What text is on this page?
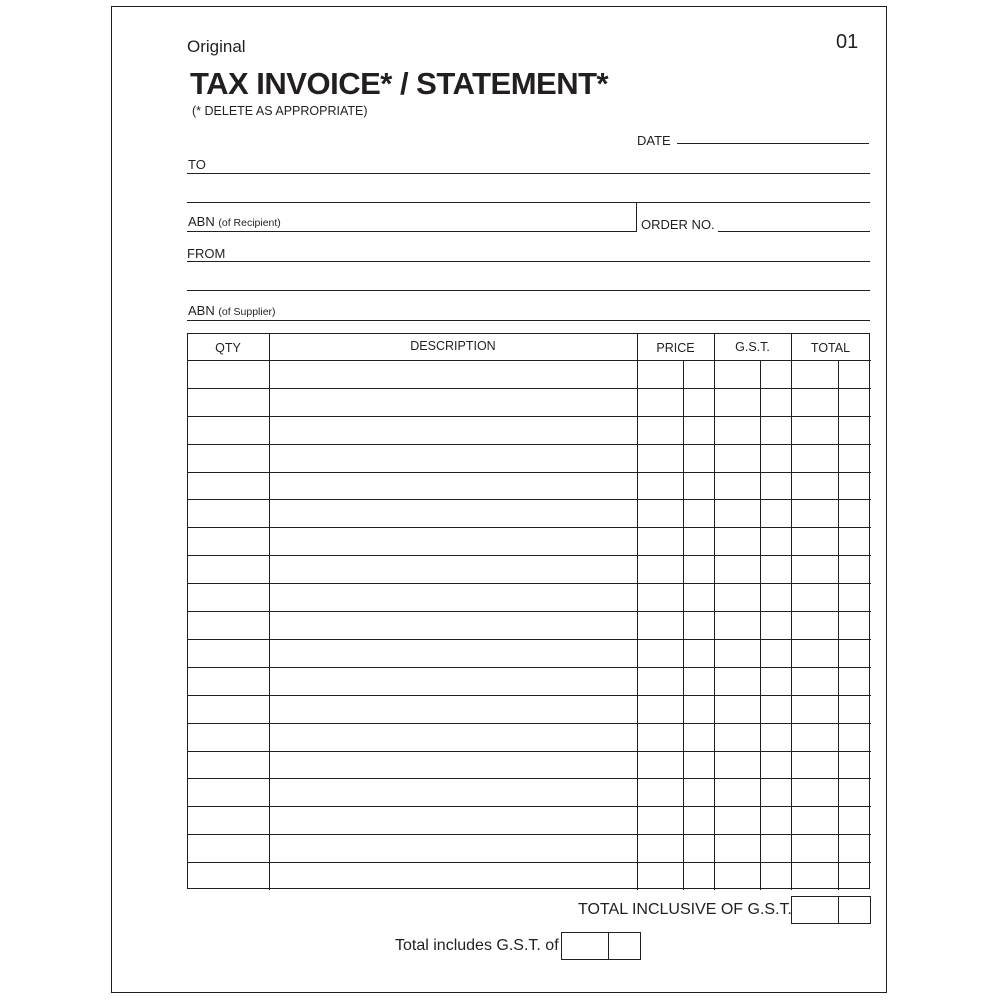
Original	01
TAX INVOICE* / STATEMENT*
(* DELETE AS APPROPRIATE)
DATE
TO
ABN (of Recipient)	ORDER NO.
FROM
ABN (of Supplier)
QTY	DESCRIPTION	PRICE	G.S.T.	TOTAL
TOTAL INCLUSIVE OF G.S.T.
Total includes G.S.T. of
